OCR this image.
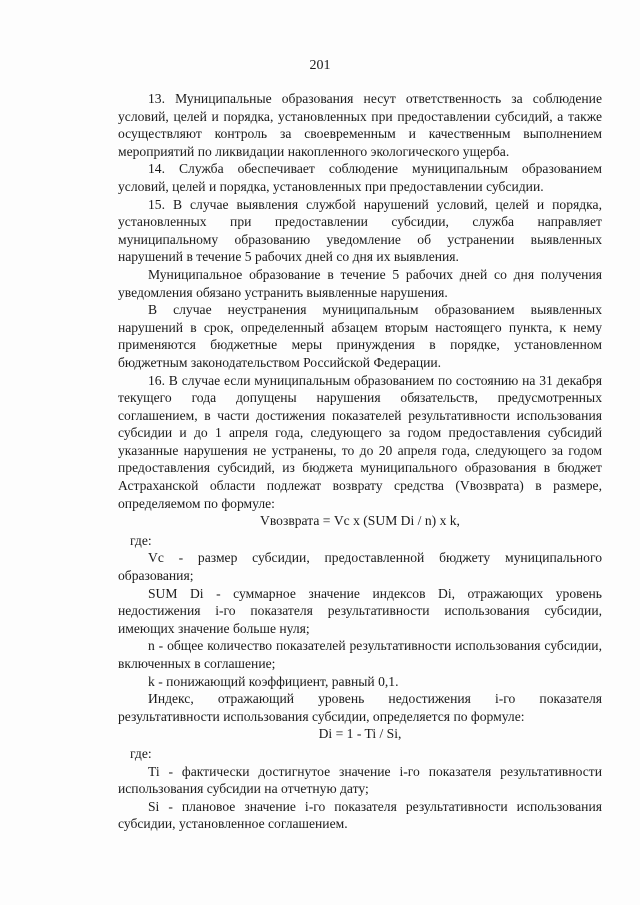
201

13. Муниципальные образования несут ответственность за соблюдение условий, целей и порядка, установленных при предоставлении субсидий, а также осуществляют контроль за своевременным и качественным выполнением мероприятий по ликвидации накопленного экологического ущерба.

14. Служба обеспечивает соблюдение муниципальным образованием условий, целей и порядка, установленных при предоставлении субсидии.

15. В случае выявления службой нарушений условий, целей и порядка, установленных при предоставлении субсидии, служба направляет муниципальному образованию уведомление об устранении выявленных нарушений в течение 5 рабочих дней со дня их выявления.

Муниципальное образование в течение 5 рабочих дней со дня получения уведомления обязано устранить выявленные нарушения.

В случае неустранения муниципальным образованием выявленных нарушений в срок, определенный абзацем вторым настоящего пункта, к нему применяются бюджетные меры принуждения в порядке, установленном бюджетным законодательством Российской Федерации.

16. В случае если муниципальным образованием по состоянию на 31 декабря текущего года допущены нарушения обязательств, предусмотренных соглашением, в части достижения показателей результативности использования субсидии и до 1 апреля года, следующего за годом предоставления субсидий указанные нарушения не устранены, то до 20 апреля года, следующего за годом предоставления субсидий, из бюджета муниципального образования в бюджет Астраханской области подлежат возврату средства (Vвозврата) в размере, определяемом по формуле:

Vвозврата = Vc x (SUM Di / n) x k,

где:

Vc - размер субсидии, предоставленной бюджету муниципального образования;

SUM Di - суммарное значение индексов Di, отражающих уровень недостижения i-го показателя результативности использования субсидии, имеющих значение больше нуля;

n - общее количество показателей результативности использования субсидии, включенных в соглашение;

k - понижающий коэффициент, равный 0,1.

Индекс, отражающий уровень недостижения i-го показателя результативности использования субсидии, определяется по формуле:

Di = 1 - Ti / Si,

где:

Ti - фактически достигнутое значение i-го показателя результативности использования субсидии на отчетную дату;

Si - плановое значение i-го показателя результативности использования субсидии, установленное соглашением.
